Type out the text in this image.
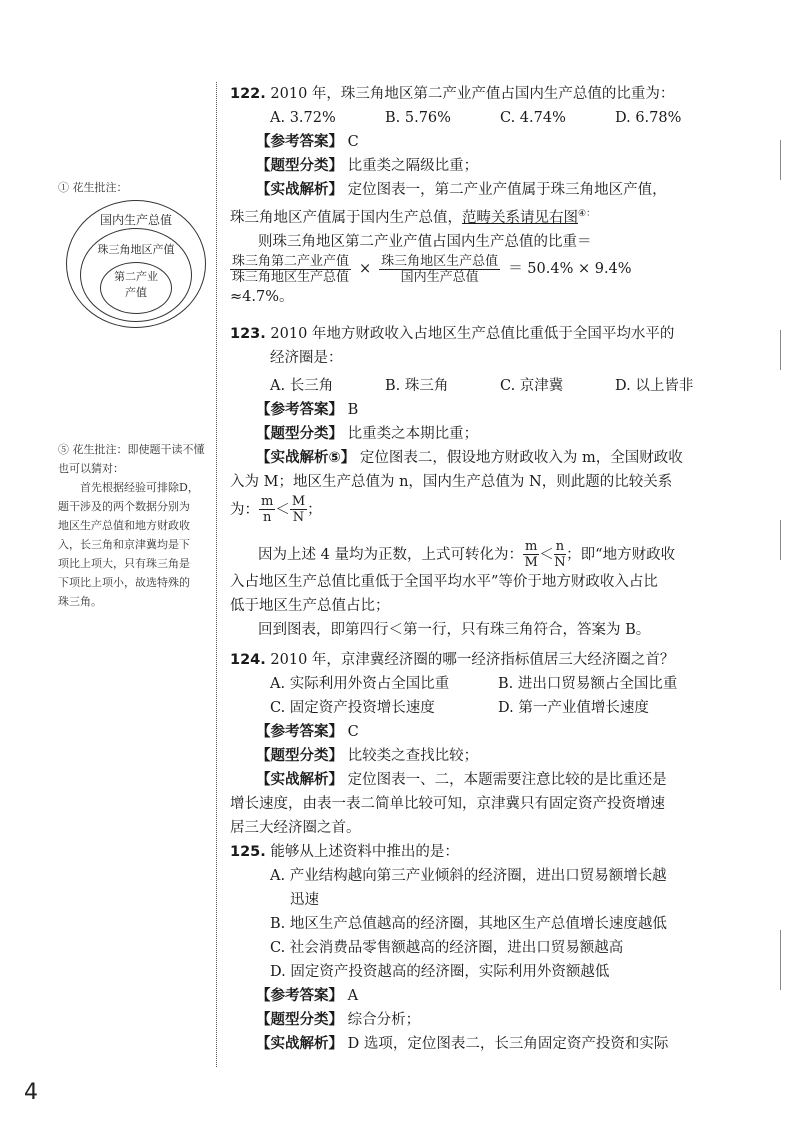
① 花生批注：
国内生产总值
珠三角地区产值
第二产业
产值
⑤ 花生批注：即使题干读不懂也可以猜对：
首先根据经验可排除D，
题干涉及的两个数据分别为
地区生产总值和地方财政收
入，长三角和京津冀均是下
项比上项大，只有珠三角是
下项比上项小，故选特殊的
珠三角。
122. 2010 年，珠三角地区第二产业产值占国内生产总值的比重为：
A. 3.72%	B. 5.76%	C. 4.74%	D. 6.78%
【参考答案】 C
【题型分类】 比重类之隔级比重；
【实战解析】 定位图表一，第二产业产值属于珠三角地区产值，
珠三角地区产值属于国内生产总值，范畴关系请见右图④：
则珠三角地区第二产业产值占国内生产总值的比重＝
$\frac{\text{珠三角第二产业产值}}{\text{珠三角地区生产总值}} \times \frac{\text{珠三角地区生产总值}}{\text{国内生产总值}} = 50.4\% \times 9.4\%$
≈4.7%。
123. 2010 年地方财政收入占地区生产总值比重低于全国平均水平的
经济圈是：
A. 长三角	B. 珠三角	C. 京津冀	D. 以上皆非
【参考答案】 B
【题型分类】 比重类之本期比重；
【实战解析⑤】 定位图表二，假设地方财政收入为 m，全国财政收
入为 M；地区生产总值为 n，国内生产总值为 N，则此题的比较关系
为： $\frac{m}{n} < \frac{M}{N}$ ；
因为上述 4 量均为正数，上式可转化为： $\frac{m}{M} < \frac{n}{N}$ ；即“地方财政收
入占地区生产总值比重低于全国平均水平”等价于地方财政收入占比
低于地区生产总值占比；
回到图表，即第四行＜第一行，只有珠三角符合，答案为 B。
124. 2010 年，京津冀经济圈的哪一经济指标值居三大经济圈之首？
A. 实际利用外资占全国比重	B. 进出口贸易额占全国比重
C. 固定资产投资增长速度	D. 第一产业值增长速度
【参考答案】 C
【题型分类】 比较类之查找比较；
【实战解析】 定位图表一、二，本题需要注意比较的是比重还是
增长速度，由表一表二简单比较可知，京津冀只有固定资产投资增速
居三大经济圈之首。
125. 能够从上述资料中推出的是：
A. 产业结构越向第三产业倾斜的经济圈，进出口贸易额增长越
迅速
B. 地区生产总值越高的经济圈，其地区生产总值增长速度越低
C. 社会消费品零售额越高的经济圈，进出口贸易额越高
D. 固定资产投资越高的经济圈，实际利用外资额越低
【参考答案】 A
【题型分类】 综合分析；
【实战解析】 D 选项，定位图表二，长三角固定资产投资和实际
4
